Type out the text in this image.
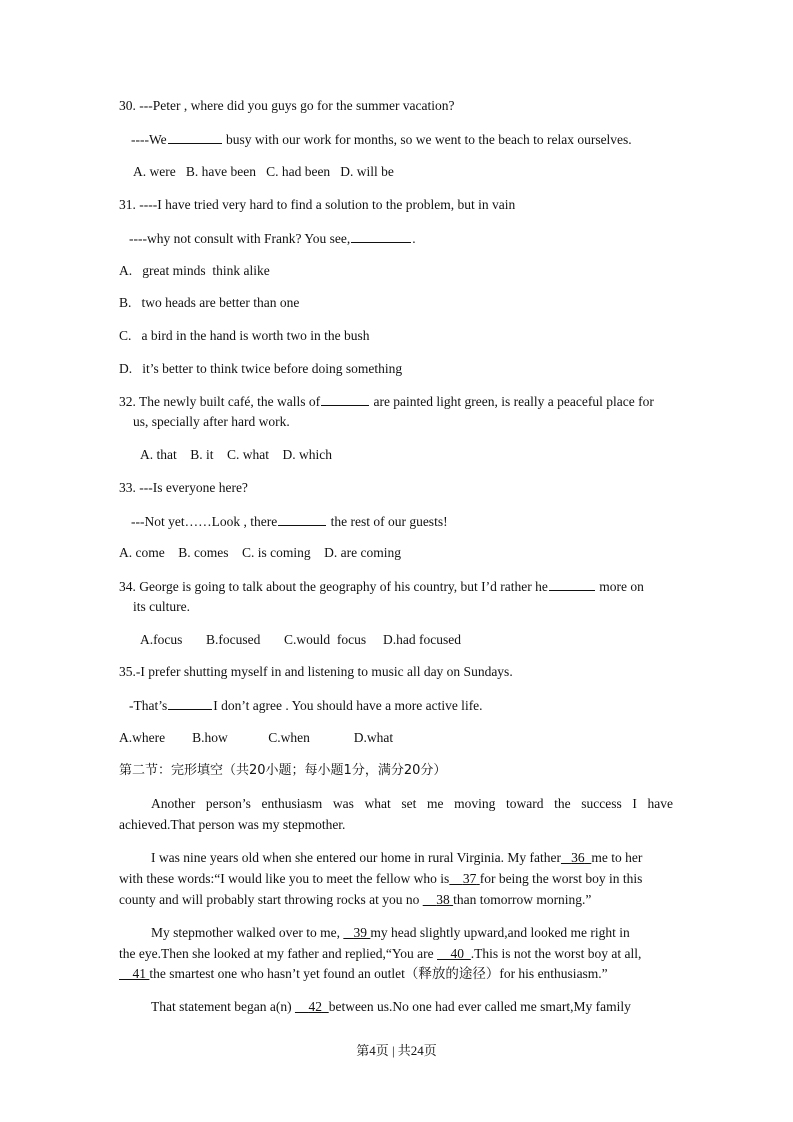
30. ---Peter , where did you guys go for the summer vacation?
----We	busy with our work for months, so we went to the beach to relax ourselves.
A. were   B. have been   C. had been   D. will be
31. ----I have tried very hard to find a solution to the problem, but in vain
----why not consult with Frank? You see,	.
A.   great minds  think alike
B.   two heads are better than one
C.   a bird in the hand is worth two in the bush
D.   it’s better to think twice before doing something
32. The newly built café, the walls of	are painted light green, is really a peaceful place for
us, specially after hard work.
A. that    B. it    C. what    D. which
33. ---Is everyone here?
---Not yet……Look , there	the rest of our guests!
A. come    B. comes    C. is coming    D. are coming
34. George is going to talk about the geography of his country, but I’d rather he	more on
its culture.
A.focus       B.focused       C.would  focus     D.had focused
35.-I prefer shutting myself in and listening to music all day on Sundays.
-That’s	I don’t agree . You should have a more active life.
A.where        B.how            C.when             D.what
第二节：完形填空（共20小题；每小题1分，满分20分）
Another person’s enthusiasm was what set me moving toward the success I have
achieved.That person was my stepmother.
I was nine years old when she entered our home in rural Virginia. My father 36 me to her
with these words:“I would like you to meet the fellow who is 37 for being the worst boy in this
county and will probably start throwing rocks at you no 38 than tomorrow morning.”
My stepmother walked over to me, 39 my head slightly upward,and looked me right in
the eye.Then she looked at my father and replied,“You are 40 .This is not the worst boy at all,
41 the smartest one who hasn’t yet found an outlet（释放的途径）for his enthusiasm.”
That statement began a(n) 42 between us.No one had ever called me smart,My family
第4页 | 共24页
